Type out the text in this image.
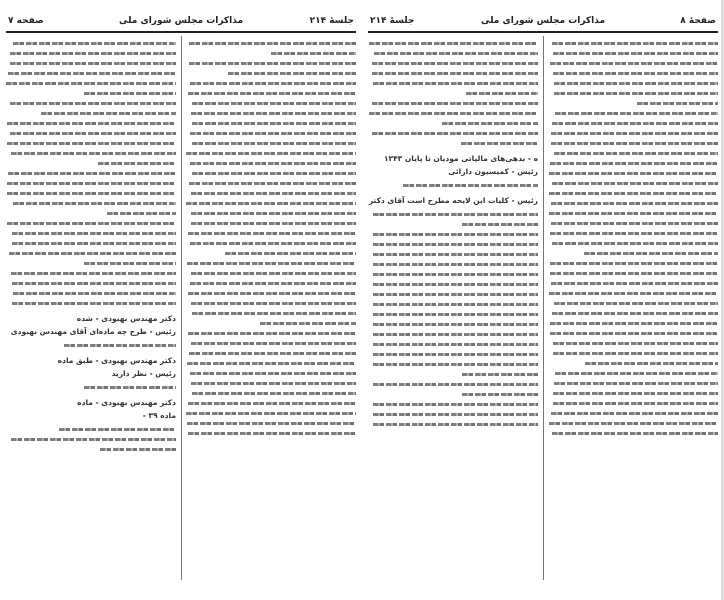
جلسهٔ ۲۱۴
مذاکرات مجلس شورای ملی
صفحه ۷
دکتر مهندس بهبودی - شده
رئیس - طرح چه ماده‌ای آقای مهندس بهبودی
دکتر مهندس بهبودی - طبق ماده
رئیس - نظر دارید
دکتر مهندس بهبودی - ماده
ماده ۳۹ -
جلسهٔ ۲۱۴	مذاکرات مجلس شورای ملی	صفحهٔ ۸
ه - بدهی‌های مالیاتی مودیان تا پایان ۱۳۴۳
رئیس - کمیسیون دارائی
رئیس - کلیات این لایحه مطرح است آقای دکتر
